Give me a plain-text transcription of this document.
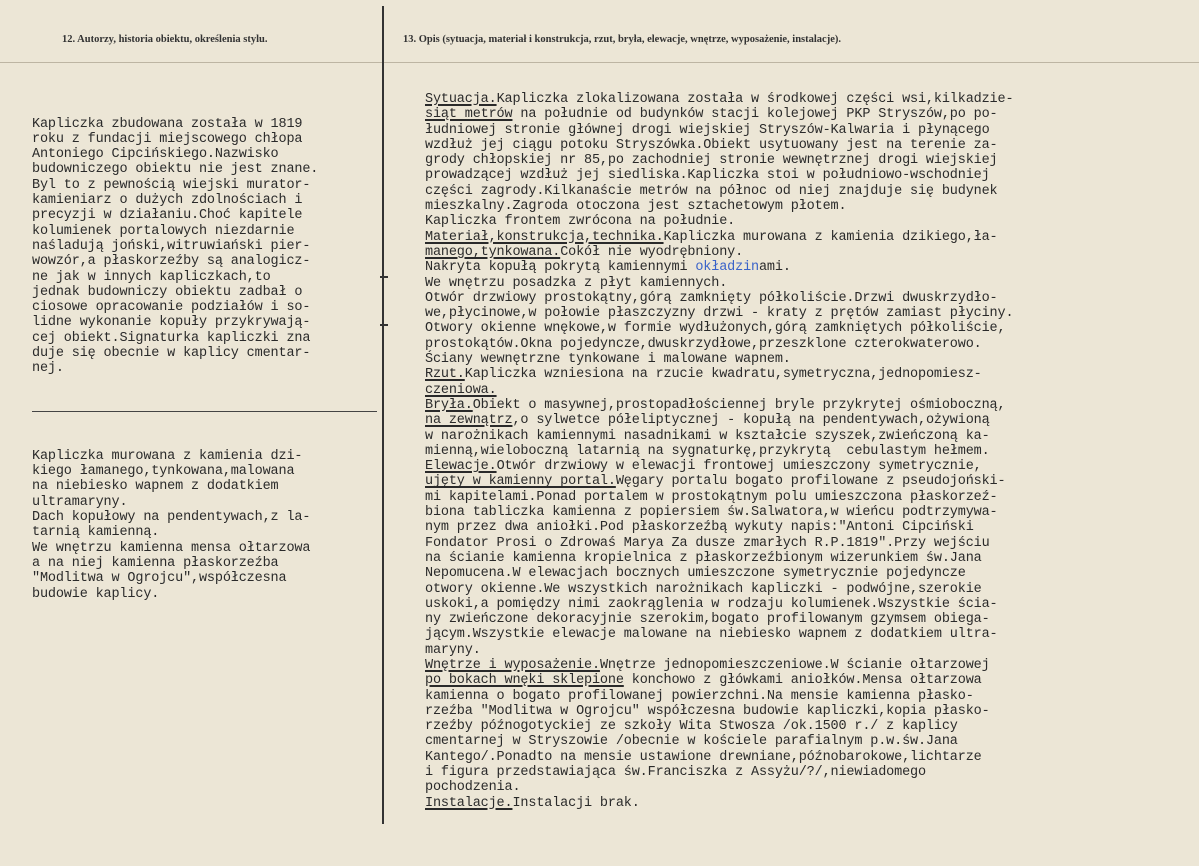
12. Autorzy, historia obiektu, określenia stylu.	13. Opis (sytuacja, materiał i konstrukcja, rzut, bryła, elewacje, wnętrze, wyposażenie, instalacje).

Kapliczka zbudowana została w 1819
roku z fundacji miejscowego chłopa
Antoniego Cipcińskiego.Nazwisko
budowniczego obiektu nie jest znane.
Byl to z pewnością wiejski murator-
kamieniarz o dużych zdolnościach i
precyzji w działaniu.Choć kapitele
kolumienek portalowych niezdarnie
naśladują joński,witruwiański pier-
wowzór,a płaskorzeźby są analogicz-
ne jak w innych kapliczkach,to
jednak budowniczy obiektu zadbał o
ciosowe opracowanie podziałów i so-
lidne wykonanie kopuły przykrywają-
cej obiekt.Signaturka kapliczki zna
duje się obecnie w kaplicy cmentar-
nej.

Kapliczka murowana z kamienia dzi-
kiego łamanego,tynkowana,malowana
na niebiesko wapnem z dodatkiem
ultramaryny.
Dach kopułowy na pendentywach,z la-
tarnią kamienną.
We wnętrzu kamienna mensa ołtarzowa
a na niej kamienna płaskorzeźba
"Modlitwa w Ogrojcu",współczesna
budowie kaplicy.

Sytuacja.Kapliczka zlokalizowana została w środkowej części wsi,kilkadzie-
siąt metrów na południe od budynków stacji kolejowej PKP Stryszów,po po-
łudniowej stronie głównej drogi wiejskiej Stryszów-Kalwaria i płynącego
wzdłuż jej ciągu potoku Stryszówka.Obiekt usytuowany jest na terenie za-
grody chłopskiej nr 85,po zachodniej stronie wewnętrznej drogi wiejskiej
prowadzącej wzdłuż jej siedliska.Kapliczka stoi w południowo-wschodniej
części zagrody.Kilkanaście metrów na północ od niej znajduje się budynek
mieszkalny.Zagroda otoczona jest sztachetowym płotem.
Kapliczka frontem zwrócona na południe.
Materiał,konstrukcja,technika.Kapliczka murowana z kamienia dzikiego,ła-
manego,tynkowana.Cokół nie wyodrębniony.
Nakryta kopułą pokrytą kamiennymi okładzinami.
We wnętrzu posadzka z płyt kamiennych.
Otwór drzwiowy prostokątny,górą zamknięty półkoliście.Drzwi dwuskrzydło-
we,płycinowe,w połowie płaszczyzny drzwi - kraty z prętów zamiast płyciny.
Otwory okienne wnękowe,w formie wydłużonych,górą zamkniętych półkoliście,
prostokątów.Okna pojedyncze,dwuskrzydłowe,przeszklone czterokwaterowo.
Ściany wewnętrzne tynkowane i malowane wapnem.
Rzut.Kapliczka wzniesiona na rzucie kwadratu,symetryczna,jednopomiesz-
czeniowa.
Bryła.Obiekt o masywnej,prostopadłościennej bryle przykrytej ośmioboczną,
na zewnątrz,o sylwetce półeliptycznej - kopułą na pendentywach,ożywioną
w narożnikach kamiennymi nasadnikami w kształcie szyszek,zwieńczoną ka-
mienną,wieloboczną latarnią na sygnaturkę,przykrytą  cebulastym hełmem.
Elewacje.Otwór drzwiowy w elewacji frontowej umieszczony symetrycznie,
ujęty w kamienny portal.Węgary portalu bogato profilowane z pseudojońskі-
mi kapitelami.Ponad portalem w prostokątnym polu umieszczona płaskorzeź-
biona tabliczka kamienna z popiersiem św.Salwatora,w wieńcu podtrzymywa-
nym przez dwa aniołki.Pod płaskorzeźbą wykuty napis:"Antoni Cipciński
Fondator Prosi o Zdrowaś Marya Za dusze zmarłych R.P.1819".Przy wejściu
na ścianie kamienna kropielnica z płaskorzeźbionym wizerunkiem św.Jana
Nepomucena.W elewacjach bocznych umieszczone symetrycznie pojedyncze
otwory okienne.We wszystkich narożnikach kapliczki - podwójne,szerokie
uskoki,a pomiędzy nimi zaokrąglenia w rodzaju kolumienek.Wszystkie ścia-
ny zwieńczone dekoracyjnie szerokim,bogato profilowanym gzymsem obiega-
jącym.Wszystkie elewacje malowane na niebiesko wapnem z dodatkiem ultra-
maryny.
Wnętrze i wyposażenie.Wnętrze jednopomieszczeniowe.W ścianie ołtarzowej
po bokach wnęki sklepione konchowo z główkami aniołków.Mensa ołtarzowa
kamienna o bogato profilowanej powierzchni.Na mensie kamienna płasko-
rzeźba "Modlitwa w Ogrojcu" współczesna budowie kapliczki,kopia płasko-
rzeźby późnogotyckiej ze szkoły Wita Stwosza /ok.1500 r./ z kaplicy
cmentarnej w Stryszowie /obecnie w kościele parafialnym p.w.św.Jana
Kantego/.Ponadto na mensie ustawione drewniane,późnobarokowe,lichtarze
i figura przedstawiająca św.Franciszka z Assyżu/?/,niewiadomego
pochodzenia.
Instalacje.Instalacji brak.
